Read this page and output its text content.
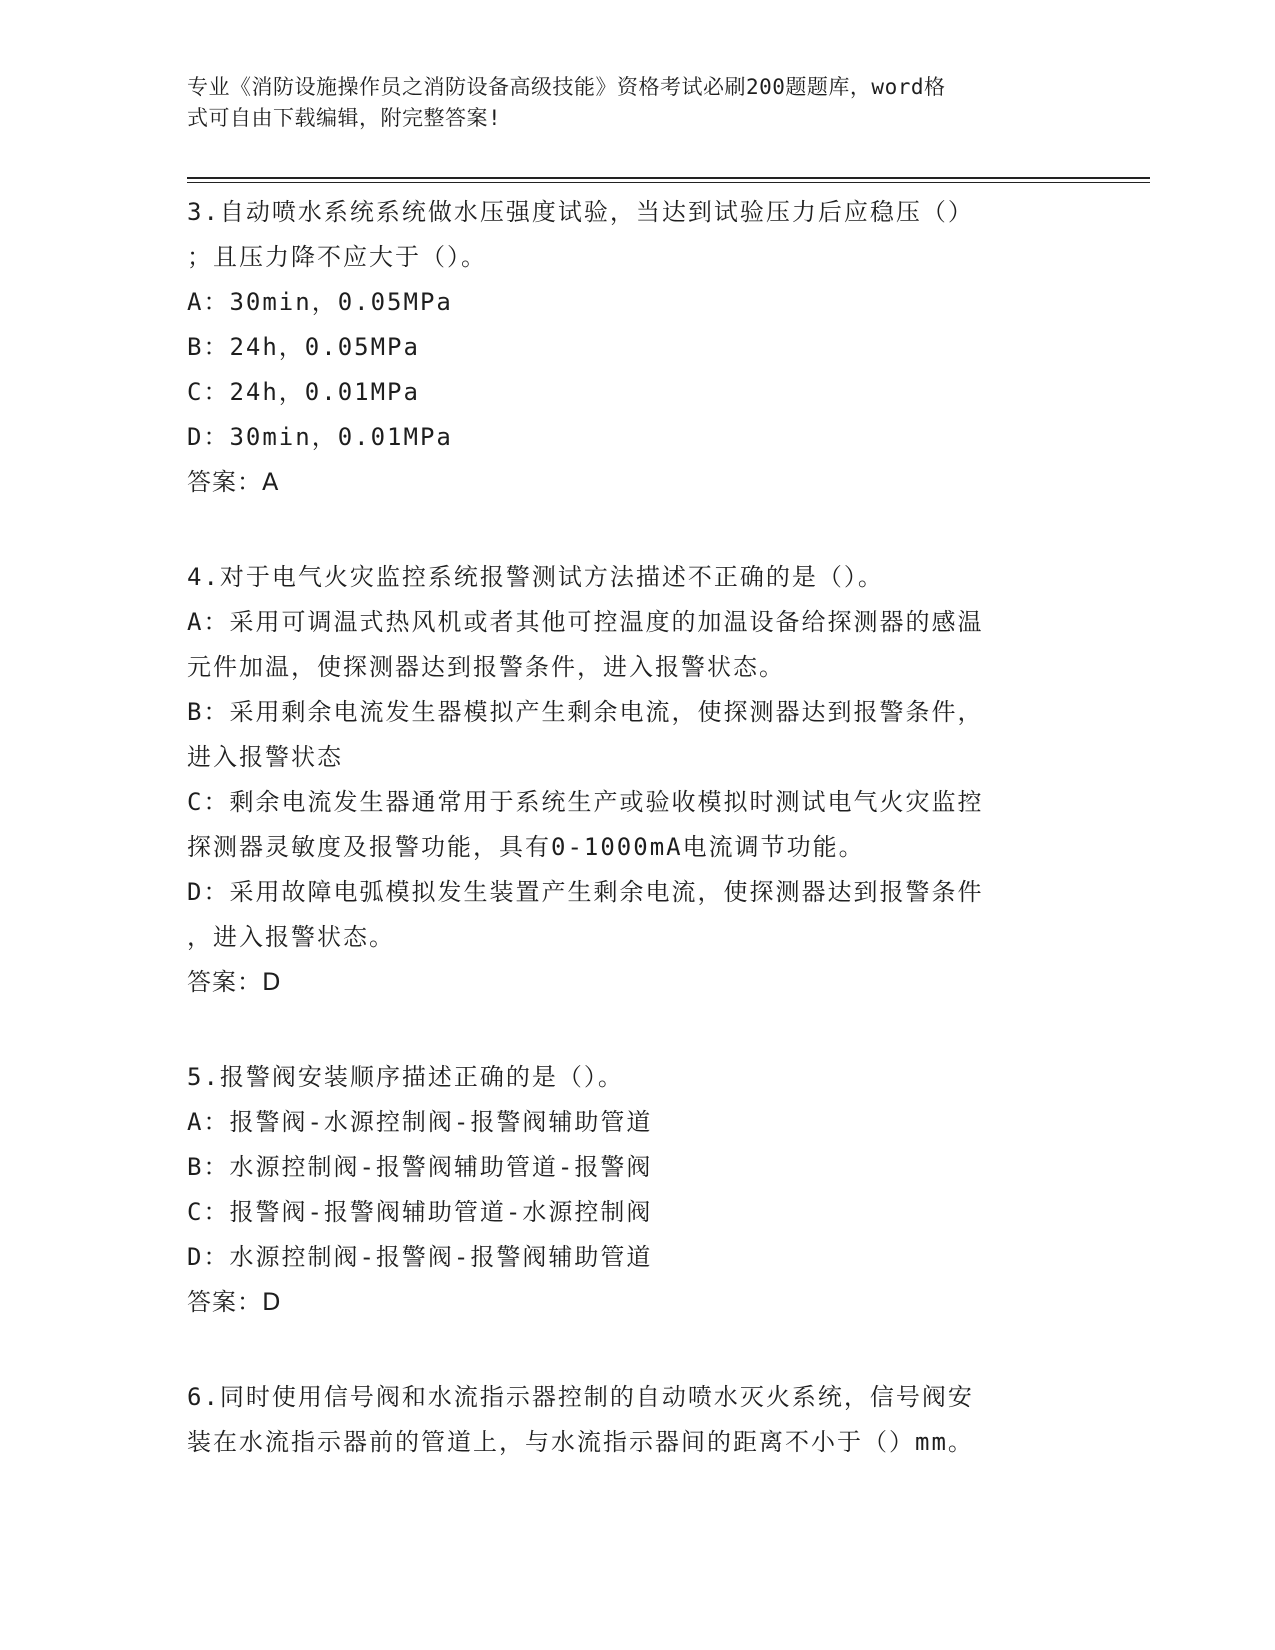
专业《消防设施操作员之消防设备高级技能》资格考试必刷200题题库，word格
式可自由下载编辑，附完整答案!
3.自动喷水系统系统做水压强度试验，当达到试验压力后应稳压（）
；且压力降不应大于（）。
A：30min，0.05MPa
B：24h，0.05MPa
C：24h，0.01MPa
D：30min，0.01MPa
答案：A
4.对于电气火灾监控系统报警测试方法描述不正确的是（）。
A：采用可调温式热风机或者其他可控温度的加温设备给探测器的感温
元件加温，使探测器达到报警条件，进入报警状态。
B：采用剩余电流发生器模拟产生剩余电流，使探测器达到报警条件，
进入报警状态
C：剩余电流发生器通常用于系统生产或验收模拟时测试电气火灾监控
探测器灵敏度及报警功能，具有0-1000mA电流调节功能。
D：采用故障电弧模拟发生装置产生剩余电流，使探测器达到报警条件
，进入报警状态。
答案：D
5.报警阀安装顺序描述正确的是（）。
A：报警阀-水源控制阀-报警阀辅助管道
B：水源控制阀-报警阀辅助管道-报警阀
C：报警阀-报警阀辅助管道-水源控制阀
D：水源控制阀-报警阀-报警阀辅助管道
答案：D
6.同时使用信号阀和水流指示器控制的自动喷水灭火系统，信号阀安
装在水流指示器前的管道上，与水流指示器间的距离不小于（）mm。
